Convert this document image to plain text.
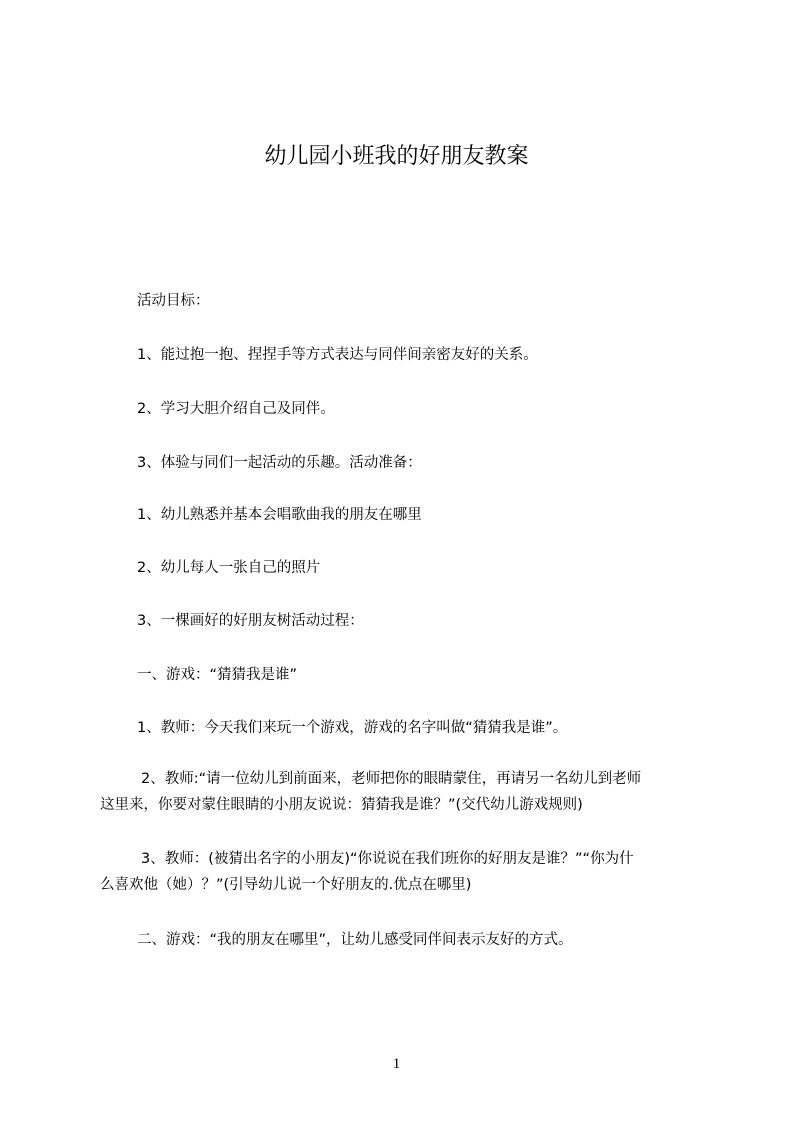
幼儿园小班我的好朋友教案
活动目标：
1、能过抱一抱、捏捏手等方式表达与同伴间亲密友好的关系。
2、学习大胆介绍自己及同伴。
3、体验与同们一起活动的乐趣。活动准备：
1、幼儿熟悉并基本会唱歌曲我的朋友在哪里
2、幼儿每人一张自己的照片
3、一棵画好的好朋友树活动过程：
一、游戏：“猜猜我是谁”
1、教师：今天我们来玩一个游戏，游戏的名字叫做“猜猜我是谁”。
2、教师:“请一位幼儿到前面来，老师把你的眼睛蒙住，再请另一名幼儿到老师
这里来，你要对蒙住眼睛的小朋友说说：猜猜我是谁？”(交代幼儿游戏规则)
3、教师：(被猜出名字的小朋友)“你说说在我们班你的好朋友是谁？”“你为什
么喜欢他（她）？”(引导幼儿说一个好朋友的.优点在哪里)
二、游戏：“我的朋友在哪里”，让幼儿感受同伴间表示友好的方式。
1
